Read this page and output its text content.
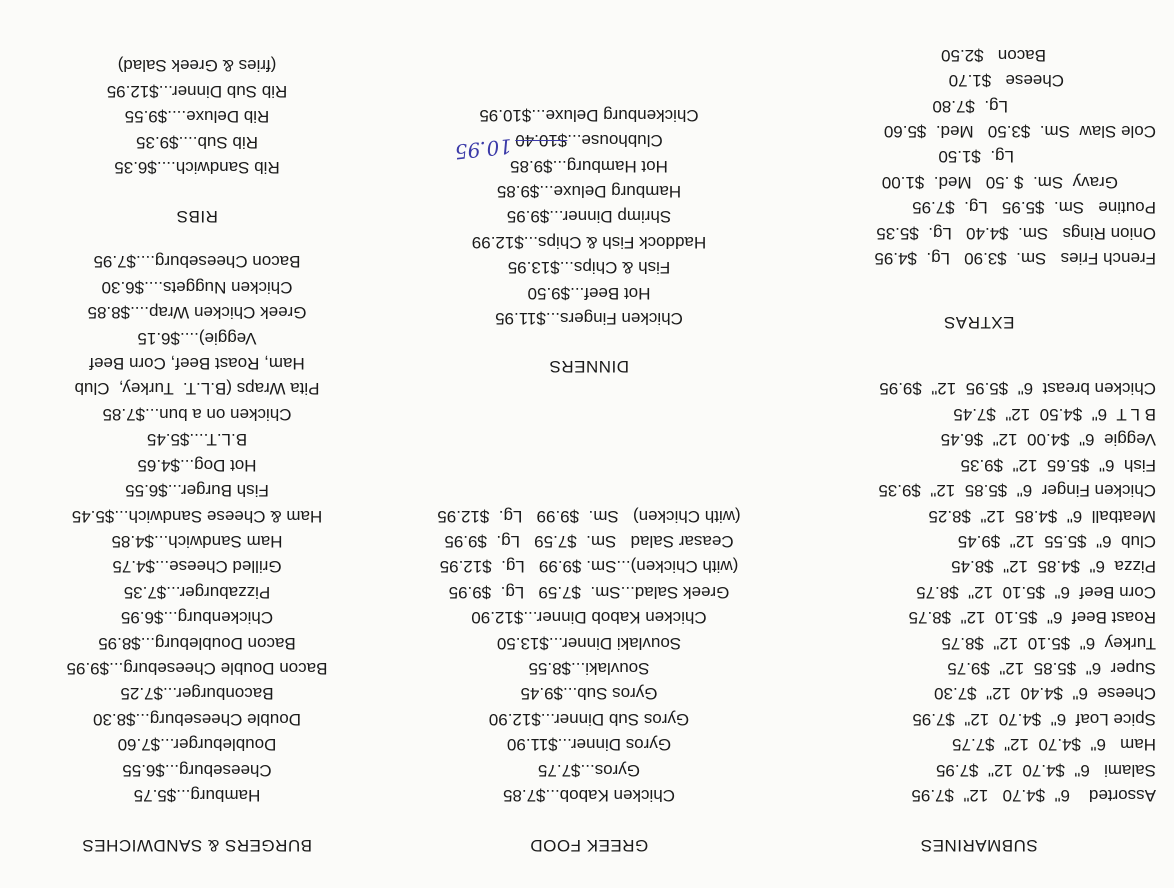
SUBMARINES
Assorted    6"  $4.70   12"  $7.95
Salami   6"  $4.70  12"  $7.95
Ham   6"  $4.70  12"  $7.75
Spice Loaf  6"  $4.70  12"  $7.95
Cheese  6"  $4.40  12"  $7.30
Super  6"  $5.85  12"  $9.75
Turkey  6"  $5.10  12"  $8.75
Roast Beef  6"  $5.10  12"  $8.75
Corn Beef  6"  $5.10  12"  $8.75
Pizza  6"  $4.85  12"  $8.45
Club  6"  $5.55  12"  $9.45
Meatball  6"  $4.85  12"  $8.25
Chicken Finger  6"  $5.85  12"  $9.35
Fish  6"  $5.65  12"  $9.35
Veggie  6"  $4.00  12"  $6.45
B L T  6"  $4.50  12"  $7.45
Chicken breast  6"  $5.95  12"  $9.95
EXTRAS
French Fries   Sm.  $3.90   Lg.  $4.95
Onion Rings   Sm.  $4.40   Lg.  $5.35
Poutine   Sm.  $5.95   Lg.  $7.95
Gravy  Sm.  $ .50   Med.  $1.00
Lg.  $1.50
Cole Slaw  Sm.  $3.50   Med.  $5.60
Lg.  $7.80
Cheese   $1.70
Bacon   $2.50
GREEK FOOD
Chicken Kabob...$7.85
Gyros...$7.75
Gyros Dinner...$11.90
Gyros Sub Dinner...$12.90
Gyros Sub...$9.45
Souvlaki...$8.55
Souvlaki Dinner...$13.50
Chicken Kabob Dinner...$12.90
Greek Salad...Sm.  $7.59   Lg.  $9.95
(with Chicken)...Sm. $9.99   Lg.  $12.95
Ceasar Salad   Sm.  $7.59   Lg.  $9.95
(with Chicken)   Sm.  $9.99   Lg.  $12.95
DINNERS
Chicken Fingers...$11.95
Hot Beef...$9.50
Fish & Chips...$13.95
Haddock Fish & Chips...$12.99
Shrimp Dinner...$9.95
Hamburg Deluxe...$9.85
Hot Hamburg...$9.85
Clubhouse...$10.40
Chickenburg Deluxe...$10.95
10.95
BURGERS & SANDWICHES
Hamburg...$5.75
Cheeseburg...$6.55
Doubleburger...$7.60
Double Cheeseburg...$8.30
Baconburger...$7.25
Bacon Double Cheeseburg...$9.95
Bacon Doubleburg...$8.95
Chickenburg...$6.95
Pizzaburger...$7.35
Grilled Cheese...$4.75
Ham Sandwich...$4.85
Ham & Cheese Sandwich...$5.45
Fish Burger...$6.55
Hot Dog...$4.65
B.L.T....$5.45
Chicken on a bun...$7.85
Pita Wraps (B.L.T.  Turkey,  Club
Ham, Roast Beef, Corn Beef
Veggie)....$6.15
Greek Chicken Wrap....$8.85
Chicken Nuggets....$6.30
Bacon Cheeseburg....$7.95
RIBS
Rib Sandwich....$6.35
Rib Sub....$9.35
Rib Deluxe....$9.55
Rib Sub Dinner...$12.95
(fries & Greek Salad)
